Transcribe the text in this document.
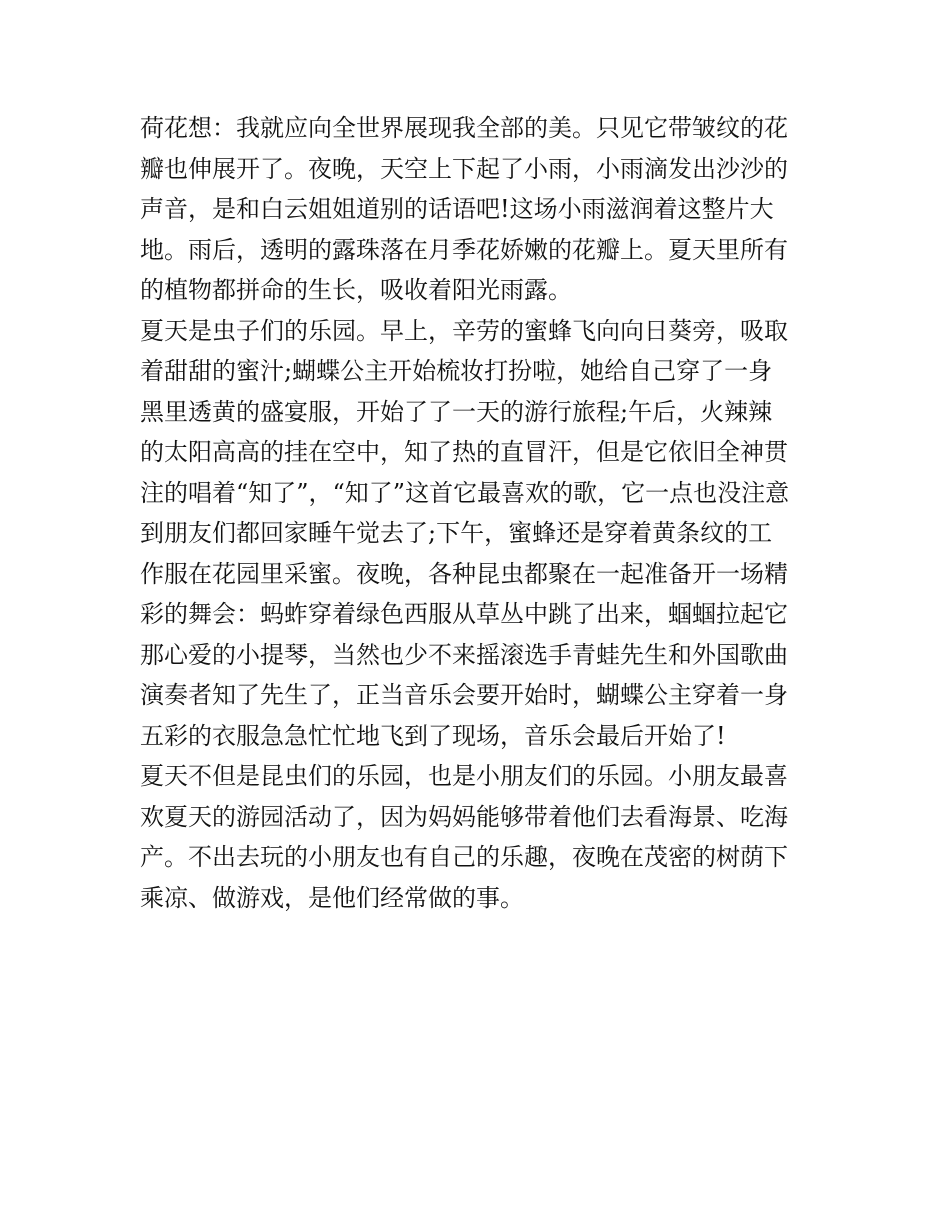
荷花想：我就应向全世界展现我全部的美。只见它带皱纹的花
瓣也伸展开了。夜晚，天空上下起了小雨，小雨滴发出沙沙的
声音，是和白云姐姐道别的话语吧!这场小雨滋润着这整片大
地。雨后，透明的露珠落在月季花娇嫩的花瓣上。夏天里所有
的植物都拼命的生长，吸收着阳光雨露。
夏天是虫子们的乐园。早上，辛劳的蜜蜂飞向向日葵旁，吸取
着甜甜的蜜汁;蝴蝶公主开始梳妆打扮啦，她给自己穿了一身
黑里透黄的盛宴服，开始了了一天的游行旅程;午后，火辣辣
的太阳高高的挂在空中，知了热的直冒汗，但是它依旧全神贯
注的唱着“知了”，“知了”这首它最喜欢的歌，它一点也没注意
到朋友们都回家睡午觉去了;下午，蜜蜂还是穿着黄条纹的工
作服在花园里采蜜。夜晚，各种昆虫都聚在一起准备开一场精
彩的舞会：蚂蚱穿着绿色西服从草丛中跳了出来，蝈蝈拉起它
那心爱的小提琴，当然也少不来摇滚选手青蛙先生和外国歌曲
演奏者知了先生了，正当音乐会要开始时，蝴蝶公主穿着一身
五彩的衣服急急忙忙地飞到了现场，音乐会最后开始了!
夏天不但是昆虫们的乐园，也是小朋友们的乐园。小朋友最喜
欢夏天的游园活动了，因为妈妈能够带着他们去看海景、吃海
产。不出去玩的小朋友也有自己的乐趣，夜晚在茂密的树荫下
乘凉、做游戏，是他们经常做的事。
